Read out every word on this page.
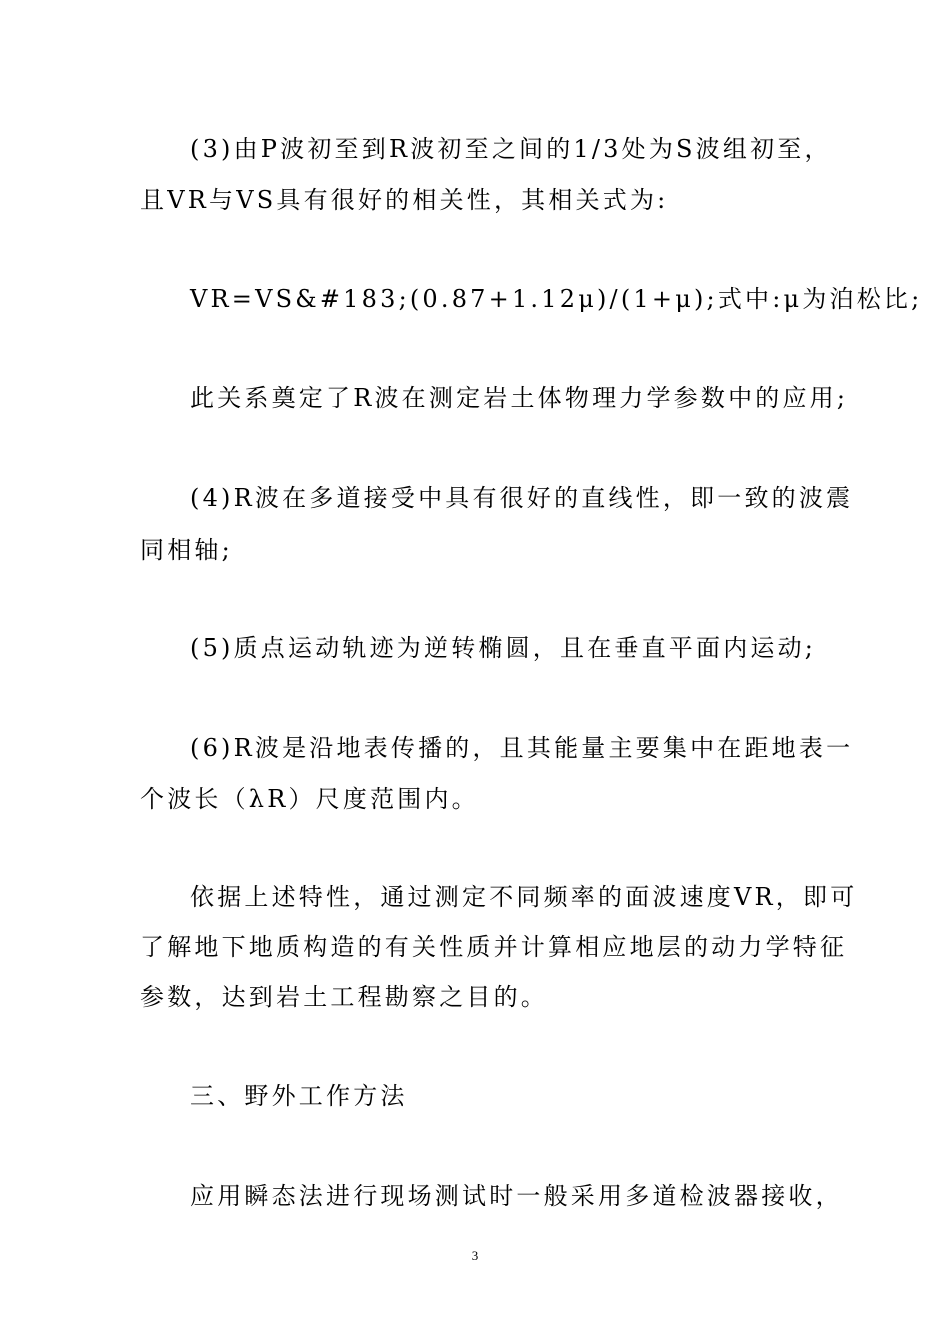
(3)由P波初至到R波初至之间的1/3处为S波组初至，
且VR与VS具有很好的相关性，其相关式为:
VR=VS&#183;(0.87+1.12μ)/(1+μ);式中:μ为泊松比;
此关系奠定了R波在测定岩土体物理力学参数中的应用;
(4)R波在多道接受中具有很好的直线性，即一致的波震
同相轴;
(5)质点运动轨迹为逆转椭圆，且在垂直平面内运动;
(6)R波是沿地表传播的，且其能量主要集中在距地表一
个波长（λR）尺度范围内。
依据上述特性，通过测定不同频率的面波速度VR，即可
了解地下地质构造的有关性质并计算相应地层的动力学特征
参数，达到岩土工程勘察之目的。
三、野外工作方法
应用瞬态法进行现场测试时一般采用多道检波器接收，
3
